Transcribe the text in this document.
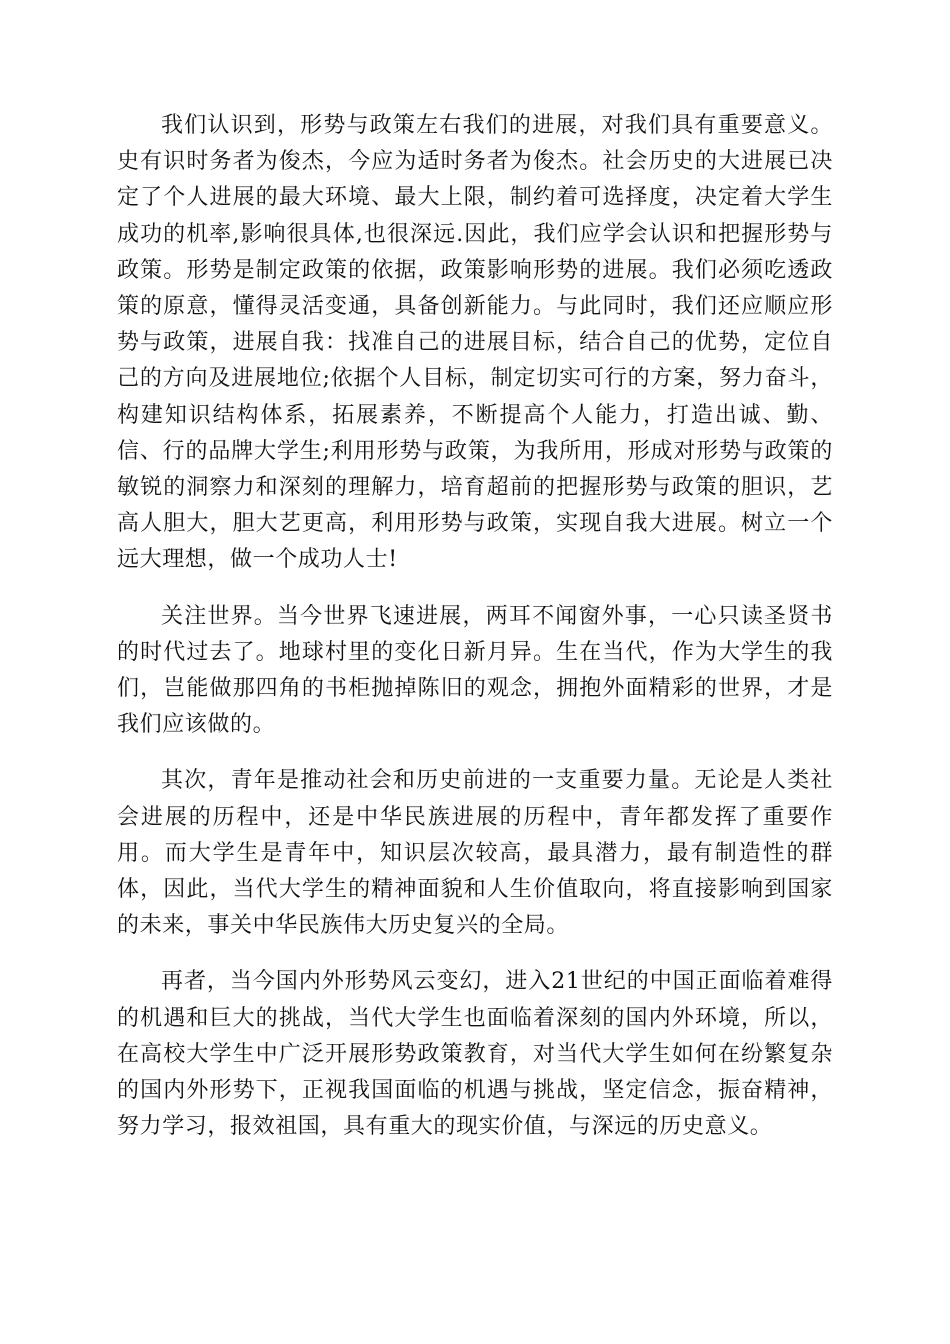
我们认识到，形势与政策左右我们的进展，对我们具有重要意义。史有识时务者为俊杰，今应为适时务者为俊杰。社会历史的大进展已决定了个人进展的最大环境、最大上限，制约着可选择度，决定着大学生成功的机率,影响很具体,也很深远.因此，我们应学会认识和把握形势与政策。形势是制定政策的依据，政策影响形势的进展。我们必须吃透政策的原意，懂得灵活变通，具备创新能力。与此同时，我们还应顺应形势与政策，进展自我：找准自己的进展目标，结合自己的优势，定位自己的方向及进展地位;依据个人目标，制定切实可行的方案，努力奋斗，构建知识结构体系，拓展素养，不断提高个人能力，打造出诚、勤、信、行的品牌大学生;利用形势与政策，为我所用，形成对形势与政策的敏锐的洞察力和深刻的理解力，培育超前的把握形势与政策的胆识，艺高人胆大，胆大艺更高，利用形势与政策，实现自我大进展。树立一个远大理想，做一个成功人士!

关注世界。当今世界飞速进展，两耳不闻窗外事，一心只读圣贤书的时代过去了。地球村里的变化日新月异。生在当代，作为大学生的我们，岂能做那四角的书柜抛掉陈旧的观念，拥抱外面精彩的世界，才是我们应该做的。

其次，青年是推动社会和历史前进的一支重要力量。无论是人类社会进展的历程中，还是中华民族进展的历程中，青年都发挥了重要作用。而大学生是青年中，知识层次较高，最具潜力，最有制造性的群体，因此，当代大学生的精神面貌和人生价值取向，将直接影响到国家的未来，事关中华民族伟大历史复兴的全局。

再者，当今国内外形势风云变幻，进入21世纪的中国正面临着难得的机遇和巨大的挑战，当代大学生也面临着深刻的国内外环境，所以，在高校大学生中广泛开展形势政策教育，对当代大学生如何在纷繁复杂的国内外形势下，正视我国面临的机遇与挑战，坚定信念，振奋精神，努力学习，报效祖国，具有重大的现实价值，与深远的历史意义。
